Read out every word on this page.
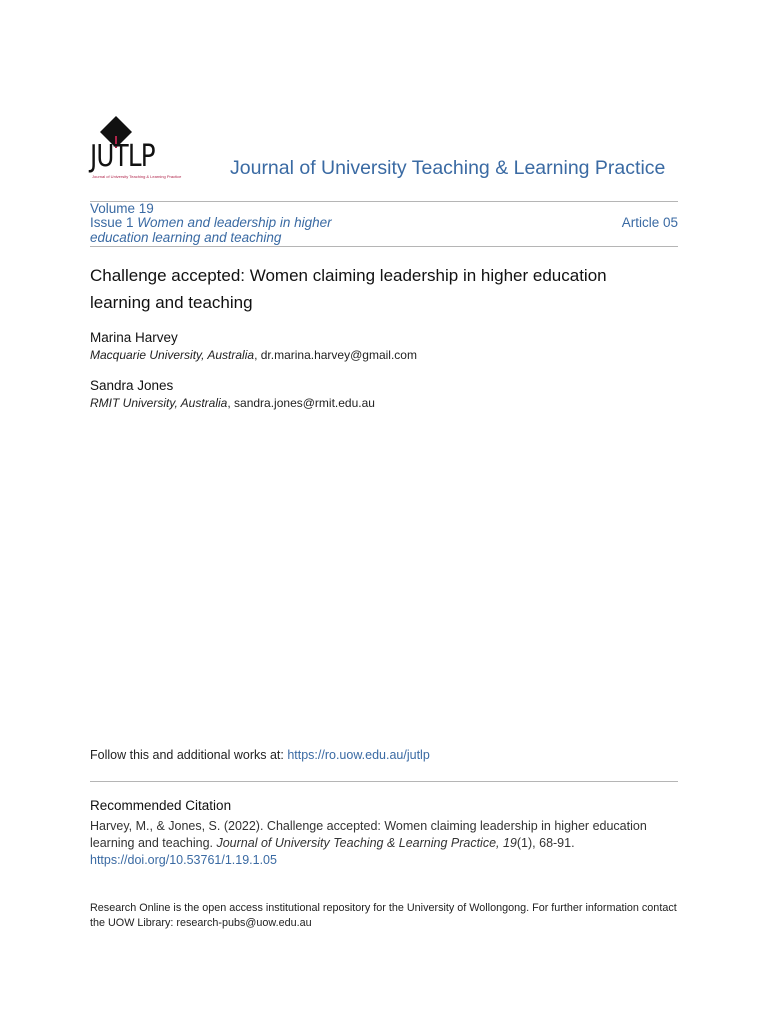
JUTLP
Journal of University Teaching & Learning Practice Journal of University Teaching & Learning Practice
Volume 19
Issue 1 Women and leadership in higher
education learning and teaching
Article 05
Challenge accepted: Women claiming leadership in higher education learning and teaching
Marina Harvey
Macquarie University, Australia, dr.marina.harvey@gmail.com
Sandra Jones
RMIT University, Australia, sandra.jones@rmit.edu.au
Follow this and additional works at: https://ro.uow.edu.au/jutlp
Recommended Citation
Harvey, M., & Jones, S. (2022). Challenge accepted: Women claiming leadership in higher education learning and teaching. Journal of University Teaching & Learning Practice, 19(1), 68-91. https://doi.org/10.53761/1.19.1.05
Research Online is the open access institutional repository for the University of Wollongong. For further information contact the UOW Library: research-pubs@uow.edu.au
